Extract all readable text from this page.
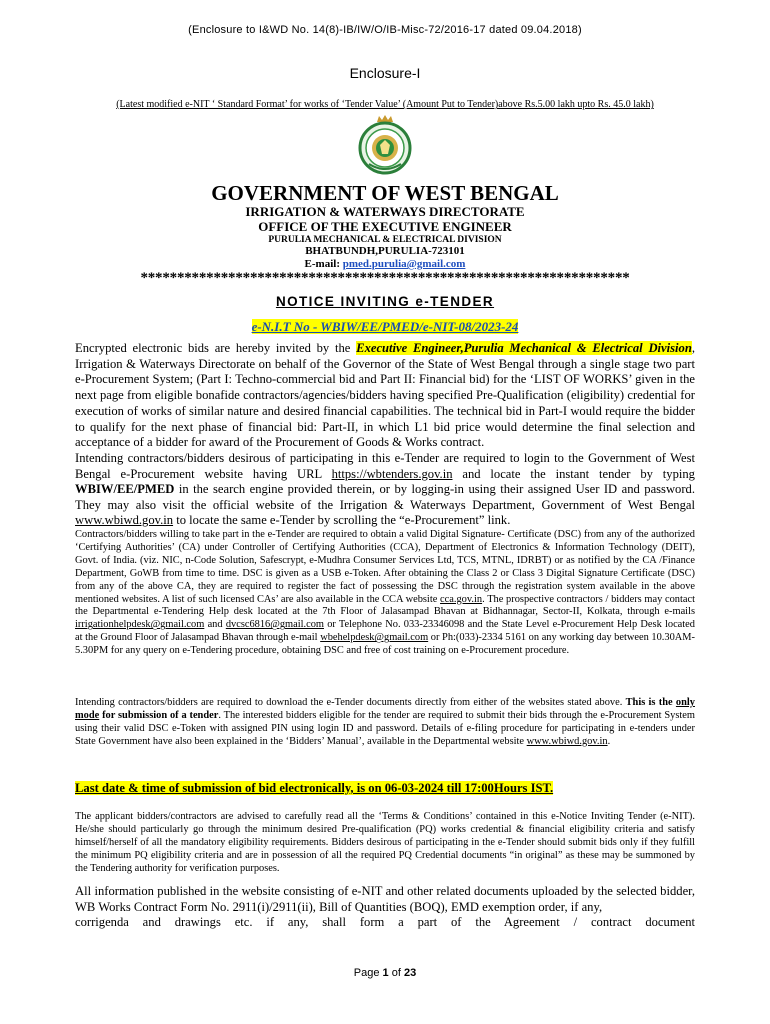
(Enclosure to I&WD No. 14(8)-IB/IW/O/IB-Misc-72/2016-17 dated 09.04.2018)
Enclosure-I
(Latest modified e-NIT ‘ Standard Format’ for works of ‘Tender Value’ (Amount Put to Tender)above Rs.5.00 lakh upto Rs. 45.0 lakh)
GOVERNMENT OF WEST BENGAL
IRRIGATION & WATERWAYS DIRECTORATE
OFFICE OF THE EXECUTIVE ENGINEER
PURULIA MECHANICAL & ELECTRICAL DIVISION
BHATBUNDH,PURULIA-723101
E-mail: pmed.purulia@gmail.com
*******************************************************************
NOTICE INVITING e-TENDER
e-N.I.T No - WBIW/EE/PMED/e-NIT-08/2023-24

Encrypted electronic bids are hereby invited by the Executive Engineer,Purulia Mechanical & Electrical Division, Irrigation & Waterways Directorate on behalf of the Governor of the State of West Bengal through a single stage two part e-Procurement System; (Part I: Techno-commercial bid and Part II: Financial bid) for the ‘LIST OF WORKS’ given in the next page from eligible bonafide contractors/agencies/bidders having specified Pre-Qualification (eligibility) credential for execution of works of similar nature and desired financial capabilities. The technical bid in Part-I would require the bidder to qualify for the next phase of financial bid: Part-II, in which L1 bid price would determine the final selection and acceptance of a bidder for award of the Procurement of Goods & Works contract.

Intending contractors/bidders desirous of participating in this e-Tender are required to login to the Government of West Bengal e-Procurement website having URL https://wbtenders.gov.in and locate the instant tender by typing WBIW/EE/PMED in the search engine provided therein, or by logging-in using their assigned User ID and password. They may also visit the official website of the Irrigation & Waterways Department, Government of West Bengal www.wbiwd.gov.in to locate the same e-Tender by scrolling the “e-Procurement” link.

Contractors/bidders willing to take part in the e-Tender are required to obtain a valid Digital Signature- Certificate (DSC) from any of the authorized ‘Certifying Authorities’ (CA) under Controller of Certifying Authorities (CCA), Department of Electronics & Information Technology (DEIT), Govt. of India. (viz. NIC, n-Code Solution, Safescrypt, e-Mudhra Consumer Services Ltd, TCS, MTNL, IDRBT) or as notified by the CA /Finance Department, GoWB from time to time. DSC is given as a USB e-Token. After obtaining the Class 2 or Class 3 Digital Signature Certificate (DSC) from any of the above CA, they are required to register the fact of possessing the DSC through the registration system available in the above mentioned websites. A list of such licensed CAs’ are also available in the CCA website cca.gov.in. The prospective contractors / bidders may contact the Departmental e-Tendering Help desk located at the 7th Floor of Jalasampad Bhavan at Bidhannagar, Sector-II, Kolkata, through e-mails irrigationhelpdesk@gmail.com and dvcsc6816@gmail.com or Telephone No. 033-23346098 and the State Level e-Procurement Help Desk located at the Ground Floor of Jalasampad Bhavan through e-mail wbehelpdesk@gmail.com or Ph:(033)-2334 5161 on any working day between 10.30AM-5.30PM for any query on e-Tendering procedure, obtaining DSC and free of cost training on e-Procurement procedure.

Intending contractors/bidders are required to download the e-Tender documents directly from either of the websites stated above. This is the only mode for submission of a tender. The interested bidders eligible for the tender are required to submit their bids through the e-Procurement System using their valid DSC e-Token with assigned PIN using login ID and password. Details of e-filing procedure for participating in e-tenders under State Government have also been explained in the ‘Bidders’ Manual’, available in the Departmental website www.wbiwd.gov.in.

Last date & time of submission of bid electronically, is on 06-03-2024 till 17:00Hours IST.

The applicant bidders/contractors are advised to carefully read all the ‘Terms & Conditions’ contained in this e-Notice Inviting Tender (e-NIT). He/she should particularly go through the minimum desired Pre-qualification (PQ) works credential & financial eligibility criteria and satisfy himself/herself of all the mandatory eligibility requirements. Bidders desirous of participating in the e-Tender should submit bids only if they fulfill the minimum PQ eligibility criteria and are in possession of all the required PQ Credential documents “in original” as these may be summoned by the Tendering authority for verification purposes.

All information published in the website consisting of e-NIT and other related documents uploaded by the selected bidder, WB Works Contract Form No. 2911(i)/2911(ii), Bill of Quantities (BOQ), EMD exemption order, if any,

corrigenda and drawings etc. if any, shall form a part of the Agreement / contract document

Page 1 of 23
